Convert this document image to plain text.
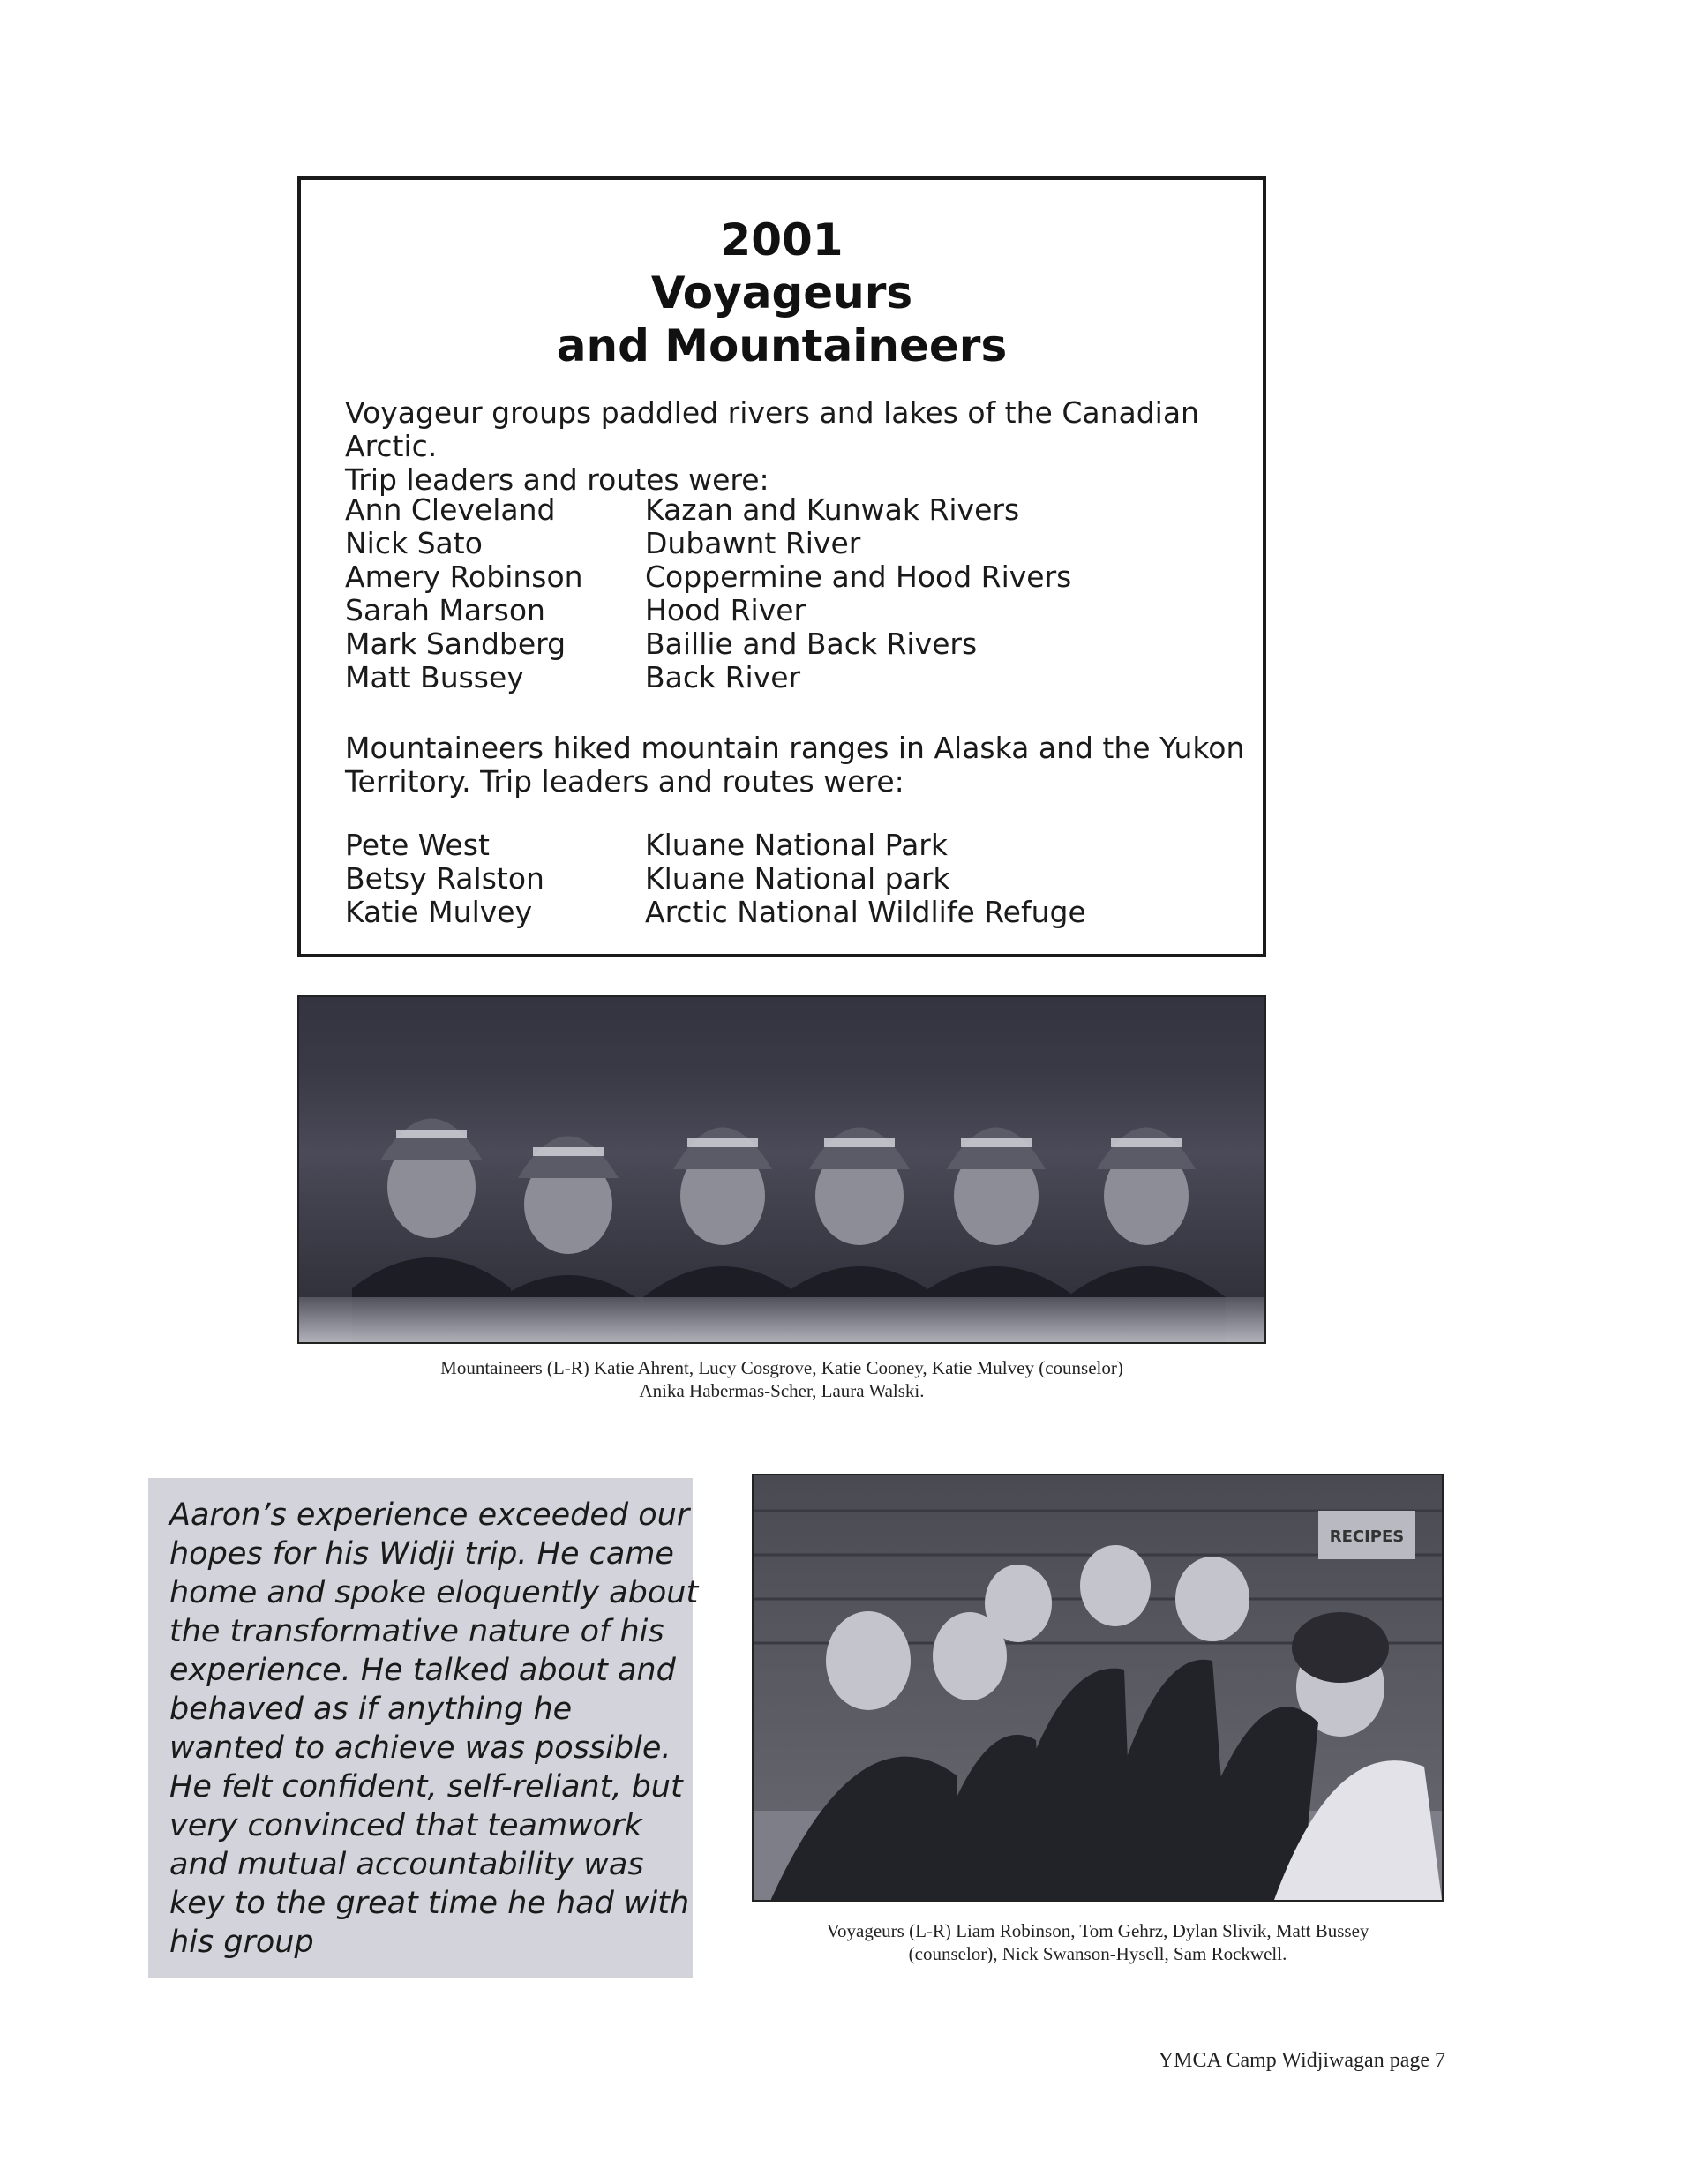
2001
Voyageurs
and Mountaineers
Voyageur groups paddled rivers and lakes of the Canadian Arctic.
Trip leaders and routes were:
Ann Cleveland	Kazan and Kunwak Rivers
Nick Sato	Dubawnt River
Amery Robinson	Coppermine and Hood Rivers
Sarah Marson	Hood River
Mark Sandberg	Baillie and Back Rivers
Matt Bussey	Back River
Mountaineers hiked mountain ranges in Alaska and the Yukon
Territory. Trip leaders and routes were:
Pete West	Kluane National Park
Betsy Ralston	Kluane National park
Katie Mulvey	Arctic National Wildlife Refuge
Mountaineers (L-R) Katie Ahrent, Lucy Cosgrove, Katie Cooney, Katie Mulvey (counselor)
Anika Habermas-Scher, Laura Walski.
Aaron’s experience exceeded our
hopes for his Widji trip. He came
home and spoke eloquently about
the transformative nature of his
experience. He talked about and
behaved as if anything he
wanted to achieve was possible.
He felt confident, self-reliant, but
very convinced that teamwork
and mutual accountability was
key to the great time he had with
his group
RECIPES
Voyageurs (L-R) Liam Robinson, Tom Gehrz, Dylan Slivik, Matt Bussey
(counselor), Nick Swanson-Hysell, Sam Rockwell.
YMCA Camp Widjiwagan page 7
